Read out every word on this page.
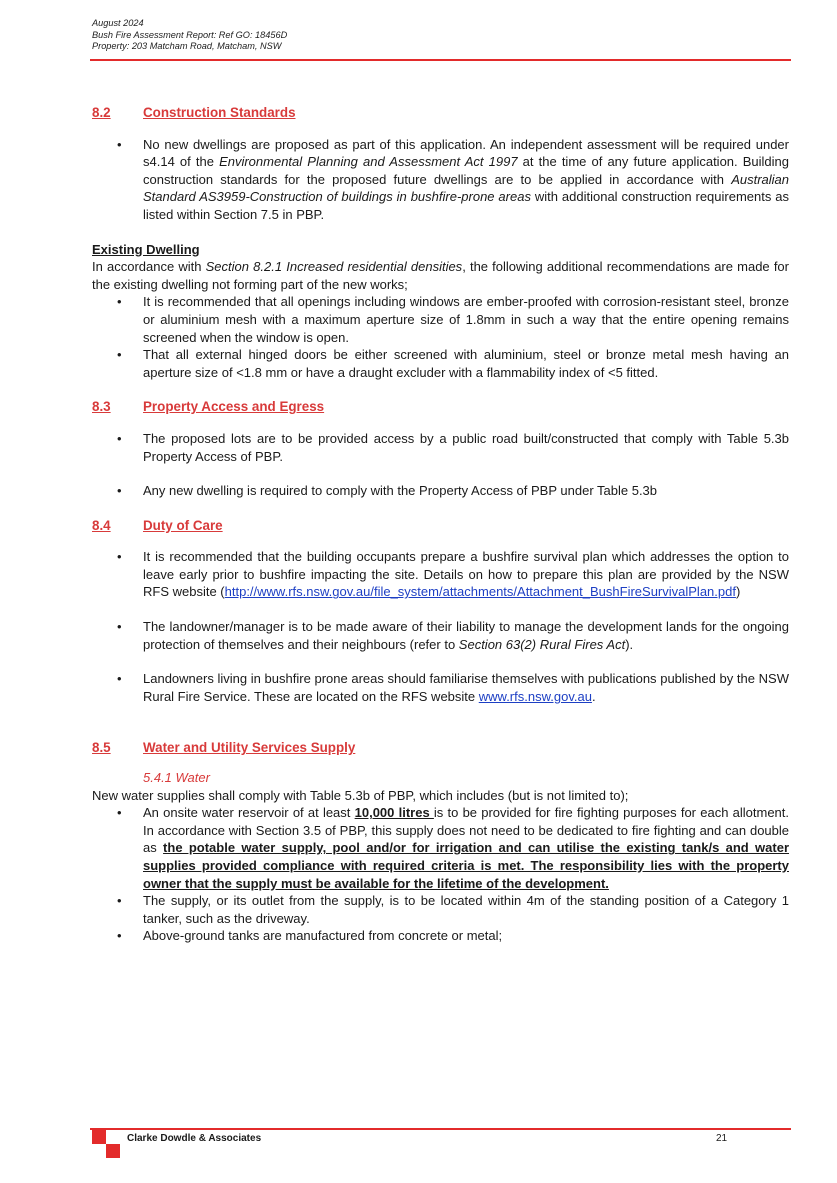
August 2024
Bush Fire Assessment Report: Ref GO: 18456D
Property: 203 Matcham Road, Matcham, NSW
8.2	Construction Standards
• No new dwellings are proposed as part of this application. An independent assessment will be required under s4.14 of the Environmental Planning and Assessment Act 1997 at the time of any future application. Building construction standards for the proposed future dwellings are to be applied in accordance with Australian Standard AS3959-Construction of buildings in bushfire-prone areas with additional construction requirements as listed within Section 7.5 in PBP.
Existing Dwelling

In accordance with Section 8.2.1 Increased residential densities, the following additional recommendations are made for the existing dwelling not forming part of the new works;

• It is recommended that all openings including windows are ember-proofed with corrosion-resistant steel, bronze or aluminium mesh with a maximum aperture size of 1.8mm in such a way that the entire opening remains screened when the window is open.
• That all external hinged doors be either screened with aluminium, steel or bronze metal mesh having an aperture size of <1.8 mm or have a draught excluder with a flammability index of <5 fitted.
8.3	Property Access and Egress
• The proposed lots are to be provided access by a public road built/constructed that comply with Table 5.3b Property Access of PBP.
• Any new dwelling is required to comply with the Property Access of PBP under Table 5.3b
8.4	Duty of Care
• It is recommended that the building occupants prepare a bushfire survival plan which addresses the option to leave early prior to bushfire impacting the site. Details on how to prepare this plan are provided by the NSW RFS website (http://www.rfs.nsw.gov.au/file_system/attachments/Attachment_BushFireSurvivalPlan.pdf)
• The landowner/manager is to be made aware of their liability to manage the development lands for the ongoing protection of themselves and their neighbours (refer to Section 63(2) Rural Fires Act).
• Landowners living in bushfire prone areas should familiarise themselves with publications published by the NSW Rural Fire Service. These are located on the RFS website www.rfs.nsw.gov.au.
8.5	Water and Utility Services Supply
5.4.1 Water

New water supplies shall comply with Table 5.3b of PBP, which includes (but is not limited to);

• An onsite water reservoir of at least 10,000 litres is to be provided for fire fighting purposes for each allotment. In accordance with Section 3.5 of PBP, this supply does not need to be dedicated to fire fighting and can double as the potable water supply, pool and/or for irrigation and can utilise the existing tank/s and water supplies provided compliance with required criteria is met. The responsibility lies with the property owner that the supply must be available for the lifetime of the development.
• The supply, or its outlet from the supply, is to be located within 4m of the standing position of a Category 1 tanker, such as the driveway.
• Above-ground tanks are manufactured from concrete or metal;
Clarke Dowdle & Associates	21
